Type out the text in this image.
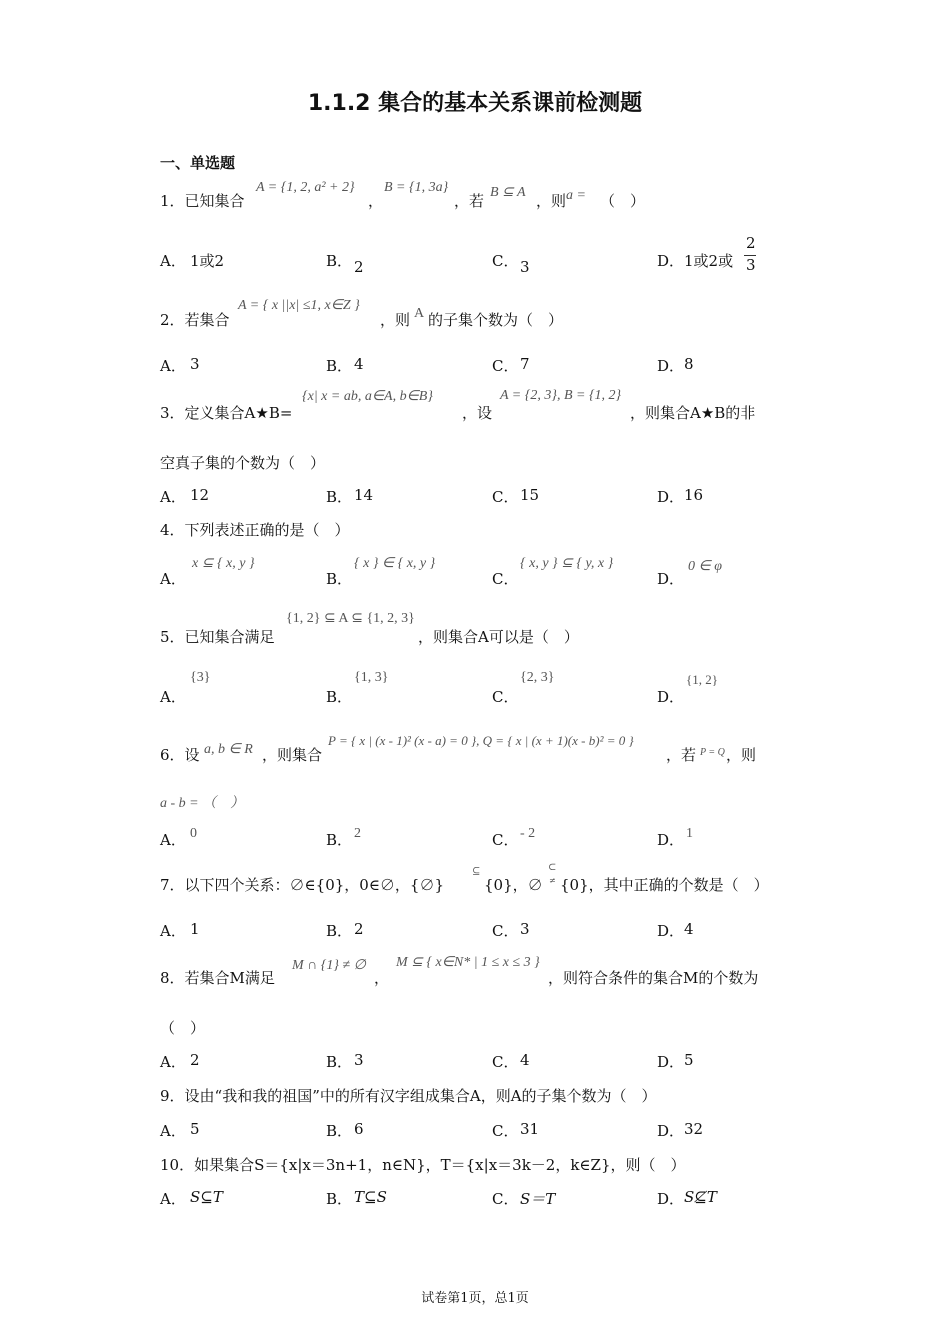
1.1.2 集合的基本关系课前检测题
一、单选题
1．已知集合
A = {1, 2, a² + 2}
，
B = {1, 3a}
，若 B ⊆ A ，则 a = （　）
A． 1或2	B． 2	C． 3	D． 1或2或
2
3
2．若集合
A = { x ||x| ≤1, x∈Z }
，则 A 的子集个数为（　）
A． 3	B． 4	C． 7	D． 8
3．定义集合A★B=
{x| x = ab, a∈A, b∈B}
，设
A = {2, 3}, B = {1, 2}
，则集合A★B的非
空真子集的个数为（　）
A． 12	B． 14	C． 15	D． 16
4．下列表述正确的是（　）
A．
x ⊆ { x, y }
B．
{ x } ∈ { x, y }
C．
{ x, y } ⊆ { y, x }
D．
0 ∈ φ
5．已知集合满足
{1, 2} ⊆ A ⊆ {1, 2, 3}
，则集合A可以是（　）
A．
{3}
B．
{1, 3}
C．
{2, 3}
D．
{1, 2}
6．设 a, b ∈ R ，则集合
P = { x | (x - 1)² (x - a) = 0 }, Q = { x | (x + 1)(x - b)² = 0 }
，若 P = Q ，则
a - b = （　）
A． 0	B． 2	C． - 2	D． 1
7．以下四个关系：∅∈{0}，0∈∅，{∅}
⊆
{0}，∅
⊂
≠ {0}，其中正确的个数是（　）
A． 1	B． 2	C． 3	D． 4
8．若集合M满足
M ∩ {1} ≠ ∅
，
M ⊆ { x∈N* | 1 ≤ x ≤ 3 }
，则符合条件的集合M的个数为
（　）
A． 2	B． 3	C． 4	D． 5
9．设由“我和我的祖国”中的所有汉字组成集合A，则A的子集个数为（　）
A． 5	B． 6	C． 31	D． 32
10．如果集合S＝{x|x＝3n+1，n∈N}，T＝{x|x＝3k－2，k∈Z}，则（　）
A． S⊆T	B． T⊆S	C． S＝T	D． S⊈T
试卷第1页，总1页
